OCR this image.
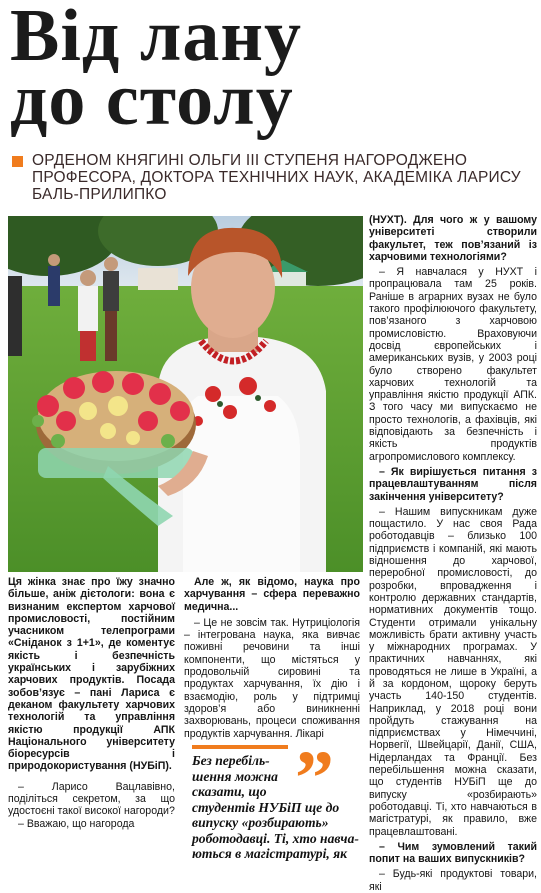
Від лану
до столу
ОРДЕНОМ КНЯГИНІ ОЛЬГИ ІІІ СТУПЕНЯ НАГОРОДЖЕНО ПРОФЕСОРА, ДОКТОРА ТЕХНІЧНИХ НАУК, АКАДЕМІКА ЛАРИСУ БАЛЬ-ПРИЛИПКО

Ця жінка знає про їжу значно більше, аніж дієтологи: вона є визнаним експертом харчової промисловості, постійним учасником телепрограми «Сніданок з 1+1», де коментує якість і безпечність українських і зарубіжних харчових продуктів. Посада зобов’язує – пані Лариса є деканом факультету харчових технологій та управління якістю продукції АПК Національного університету біоресурсів і природокористування (НУБіП).

– Ларисо Вацлавівно, поділіться секретом, за що удостоєні такої високої нагороди?

– Вважаю, що нагорода

Але ж, як відомо, наука про харчування – сфера переважно медична...

– Це не зовсім так. Нутриціологія – інтегрована наука, яка вивчає поживні речовини та інші компоненти, що містяться у продовольчій сировині та продуктах харчування, їх дію і взаємодію, роль у підтримці здоров’я або виникненні захворювань, процеси споживання продуктів харчування. Лікарі

”
Без перебіль-
шення можна
сказати, що
студентів НУБіП ще до
випуску «розбирають»
роботодавці. Ті, хто навча-
ються в магістратурі, як

(НУХТ). Для чого ж у вашому університеті створили факультет, теж пов’язаний із харчовими технологіями?

– Я навчалася у НУХТ і пропрацювала там 25 років. Раніше в аграрних вузах не було такого профілюючого факультету, пов’язаного з харчовою промисловістю. Враховуючи досвід європейських і американських вузів, у 2003 році було створено факультет харчових технологій та управління якістю продукції АПК. З того часу ми випускаємо не просто технологів, а фахівців, які відповідають за безпечність і якість продуктів агропромислового комплексу.

– Як вирішується питання з працевлаштуванням після закінчення університету?

– Нашим випускникам дуже пощастило. У нас своя Рада роботодавців – близько 100 підприємств і компаній, які мають відношення до харчової, переробної промисловості, до розробки, впровадження і контролю державних стандартів, нормативних документів тощо. Студенти отримали унікальну можливість брати активну участь у міжнародних програмах. У практичних навчаннях, які проводяться не лише в Україні, а й за кордоном, щороку беруть участь 140-150 студентів. Наприклад, у 2018 році вони пройдуть стажування на підприємствах у Німеччині, Норвегії, Швейцарії, Данії, США, Нідерландах та Франції. Без перебільшення можна сказати, що студентів НУБіП ще до випуску «розбирають» роботодавці. Ті, хто навчаються в магістратурі, як правило, вже працевлаштовані.

– Чим зумовлений такий попит на ваших випускників?

– Будь-які продуктові товари, які
